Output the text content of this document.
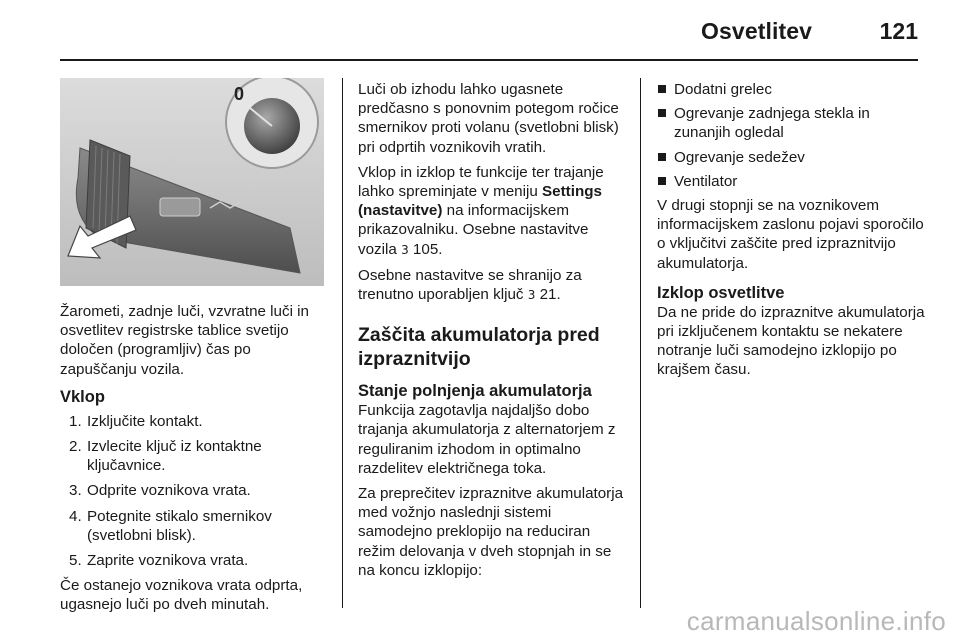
Osvetlitev	121
0

Žarometi, zadnje luči, vzvratne luči in osvetlitev registrske tablice svetijo določen (programljiv) čas po zapuščanju vozila.

Vklop
1. Izključite kontakt.
2. Izvlecite ključ iz kontaktne ključavnice.
3. Odprite voznikova vrata.
4. Potegnite stikalo smernikov (svetlobni blisk).
5. Zaprite voznikova vrata.

Če ostanejo voznikova vrata odprta, ugasnejo luči po dveh minutah.

Luči ob izhodu lahko ugasnete predčasno s ponovnim potegom ročice smernikov proti volanu (svetlobni blisk) pri odprtih voznikovih vratih.

Vklop in izklop te funkcije ter trajanje lahko spreminjate v meniju Settings (nastavitve) na informacijskem prikazovalniku. Osebne nastavitve vozila 3 105.

Osebne nastavitve se shranijo za trenutno uporabljen ključ 3 21.

Zaščita akumulatorja pred izpraznitvijo
Stanje polnjenja akumulatorja

Funkcija zagotavlja najdaljšo dobo trajanja akumulatorja z alternatorjem z reguliranim izhodom in optimalno razdelitev električnega toka.

Za preprečitev izpraznitve akumulatorja med vožnjo naslednji sistemi samodejno preklopijo na reduciran režim delovanja v dveh stopnjah in se na koncu izklopijo:

Dodatni grelec
Ogrevanje zadnjega stekla in zunanjih ogledal
Ogrevanje sedežev
Ventilator

V drugi stopnji se na voznikovem informacijskem zaslonu pojavi sporočilo o vključitvi zaščite pred izpraznitvijo akumulatorja.

Izklop osvetlitve

Da ne pride do izpraznitve akumulatorja pri izključenem kontaktu se nekatere notranje luči samodejno izklopijo po krajšem času.

carmanualsonline.info
